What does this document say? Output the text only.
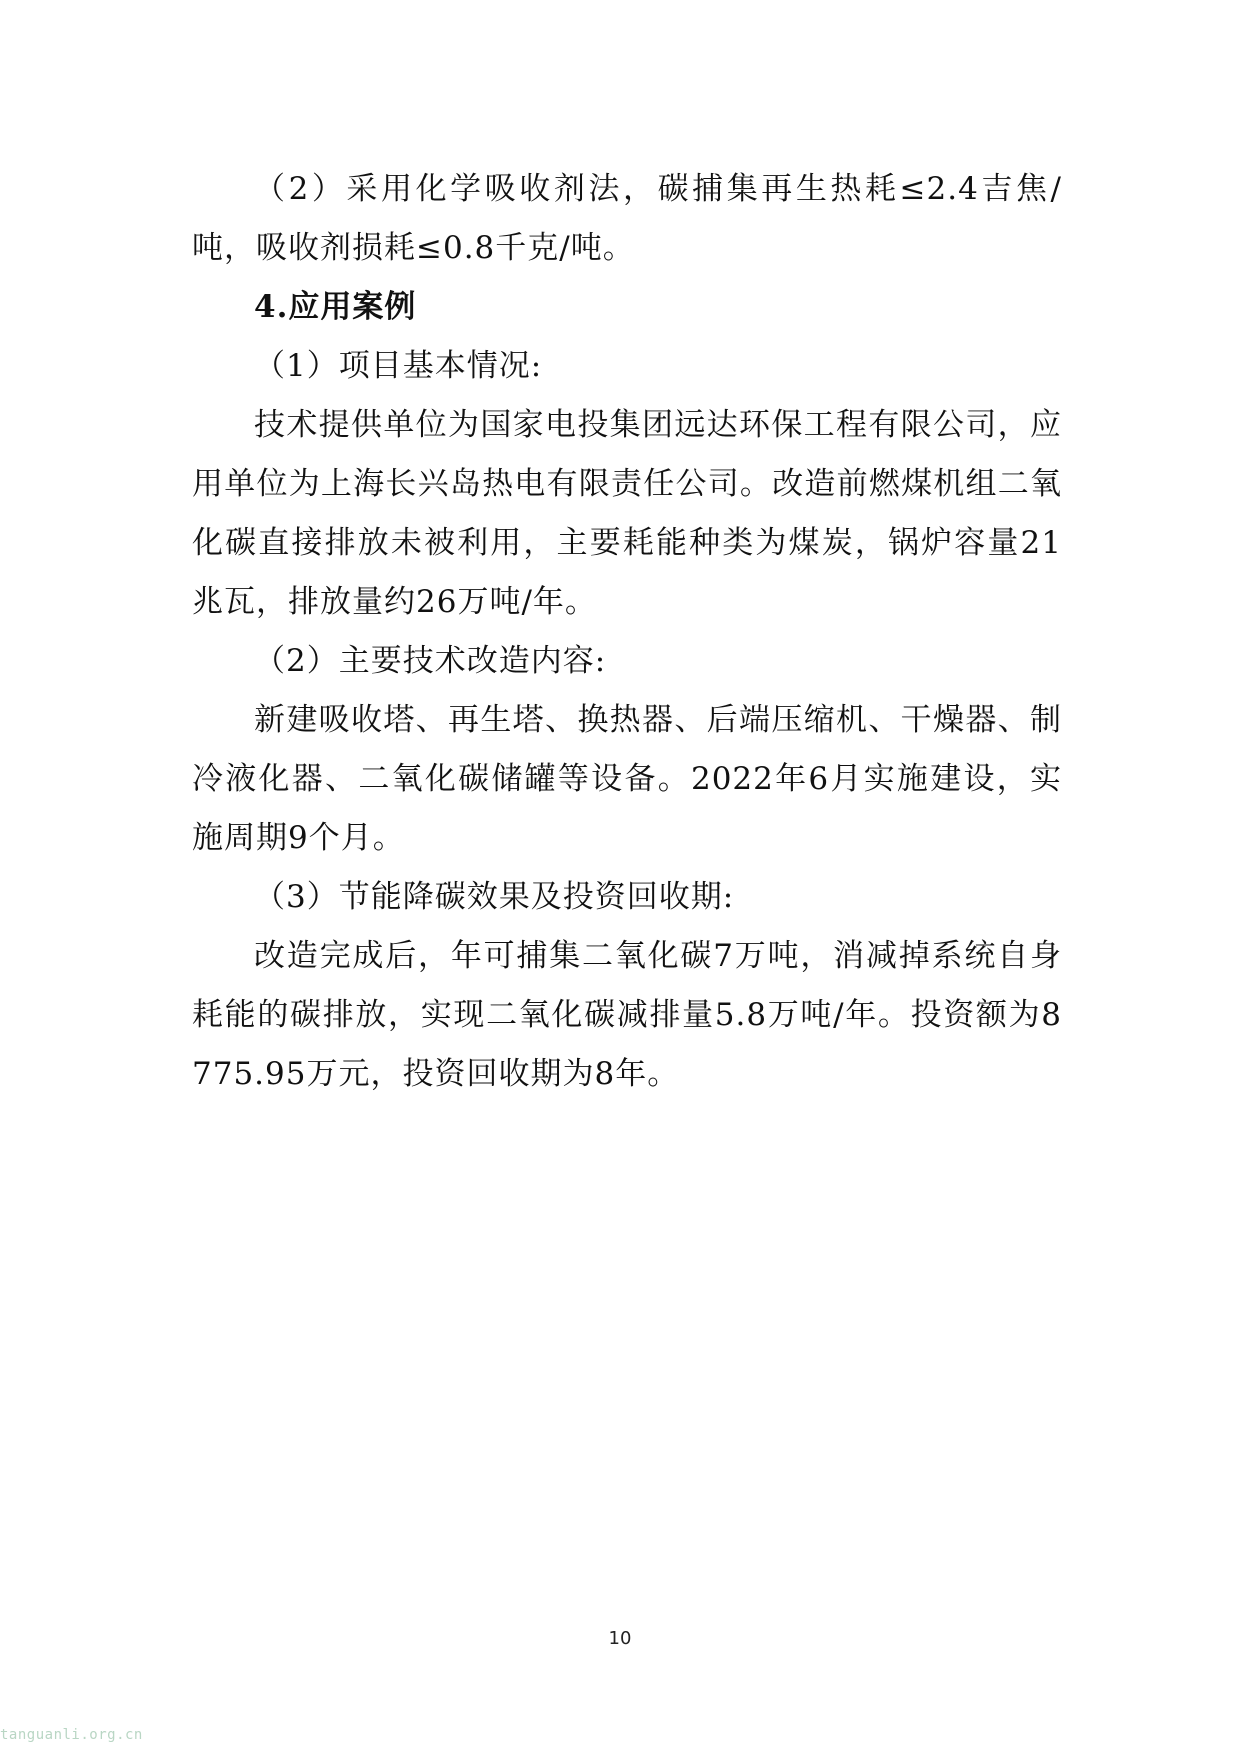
（2）采用化学吸收剂法，碳捕集再生热耗≤2.4吉焦/吨，吸收剂损耗≤0.8千克/吨。

4.应用案例

（1）项目基本情况:

技术提供单位为国家电投集团远达环保工程有限公司，应用单位为上海长兴岛热电有限责任公司。改造前燃煤机组二氧化碳直接排放未被利用，主要耗能种类为煤炭，锅炉容量21兆瓦，排放量约26万吨/年。

（2）主要技术改造内容:

新建吸收塔、再生塔、换热器、后端压缩机、干燥器、制冷液化器、二氧化碳储罐等设备。2022年6月实施建设，实施周期9个月。

（3）节能降碳效果及投资回收期:

改造完成后，年可捕集二氧化碳7万吨，消减掉系统自身耗能的碳排放，实现二氧化碳减排量5.8万吨/年。投资额为8775.95万元，投资回收期为8年。

10
tanguanli.org.cn
